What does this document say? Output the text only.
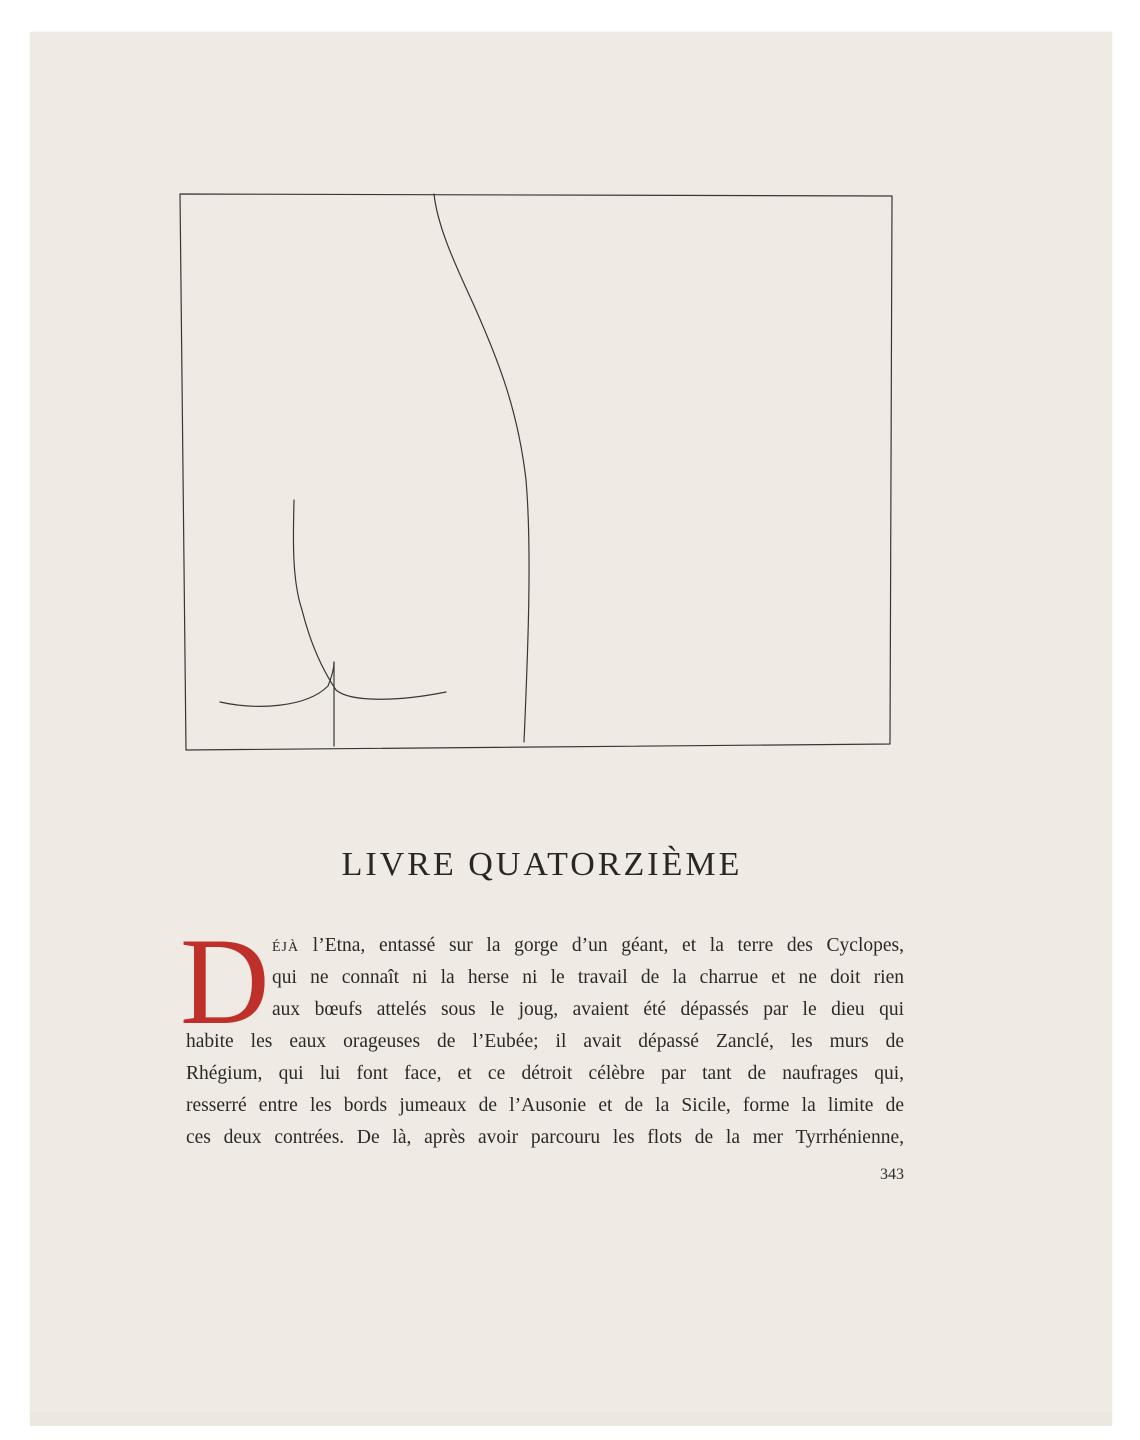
LIVRE QUATORZIÈME
D ÉJÀ l’Etna, entassé sur la gorge d’un géant, et la terre des Cyclopes,
qui ne connaît ni la herse ni le travail de la charrue et ne doit rien
aux bœufs attelés sous le joug, avaient été dépassés par le dieu qui
habite les eaux orageuses de l’Eubée; il avait dépassé Zanclé, les murs de
Rhégium, qui lui font face, et ce détroit célèbre par tant de naufrages qui,
resserré entre les bords jumeaux de l’Ausonie et de la Sicile, forme la limite de
ces deux contrées. De là, après avoir parcouru les flots de la mer Tyrrhénienne,
343
